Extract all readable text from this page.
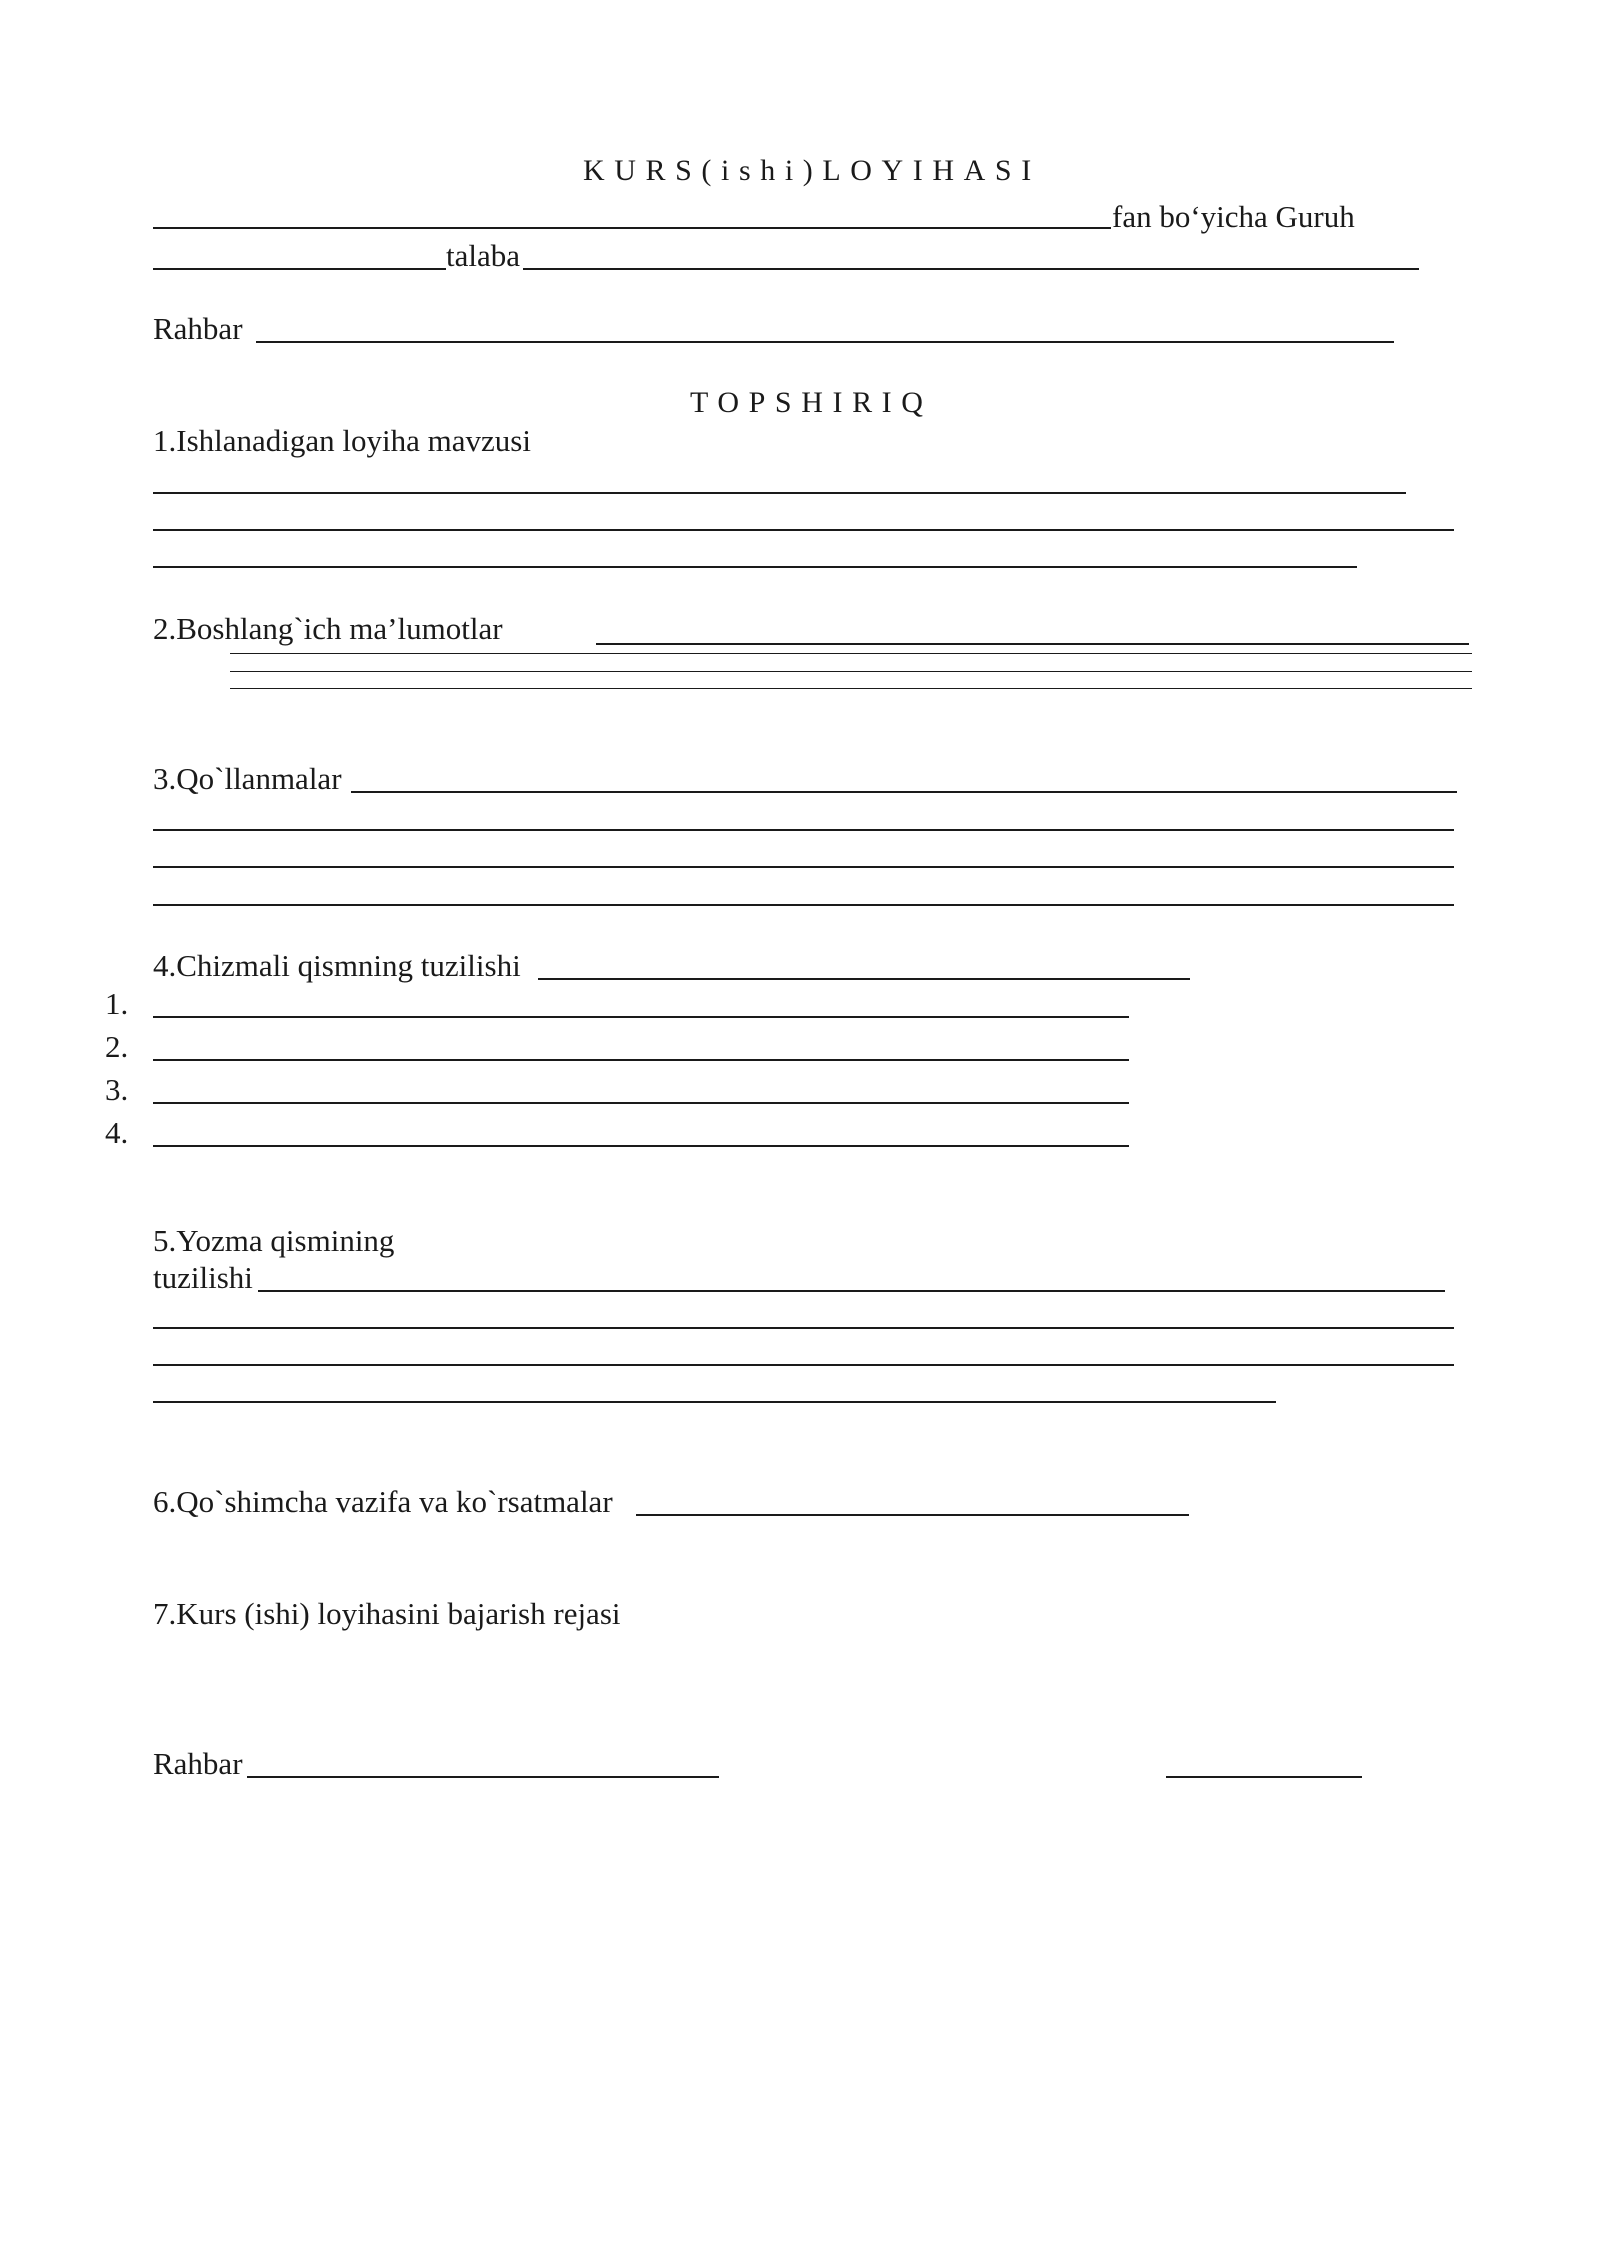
KURS(ishi)LOYIHASI
fan bo‘yicha Guruh
talaba
Rahbar
TOPSHIRIQ
1.Ishlanadigan loyiha mavzusi
2.Boshlang`ich ma’lumotlar
3.Qo`llanmalar
4.Chizmali qismning tuzilishi
1.
2.
3.
4.
5.Yozma qismining
tuzilishi
6.Qo`shimcha vazifa va ko`rsatmalar
7.Kurs (ishi) loyihasini bajarish rejasi
Rahbar
